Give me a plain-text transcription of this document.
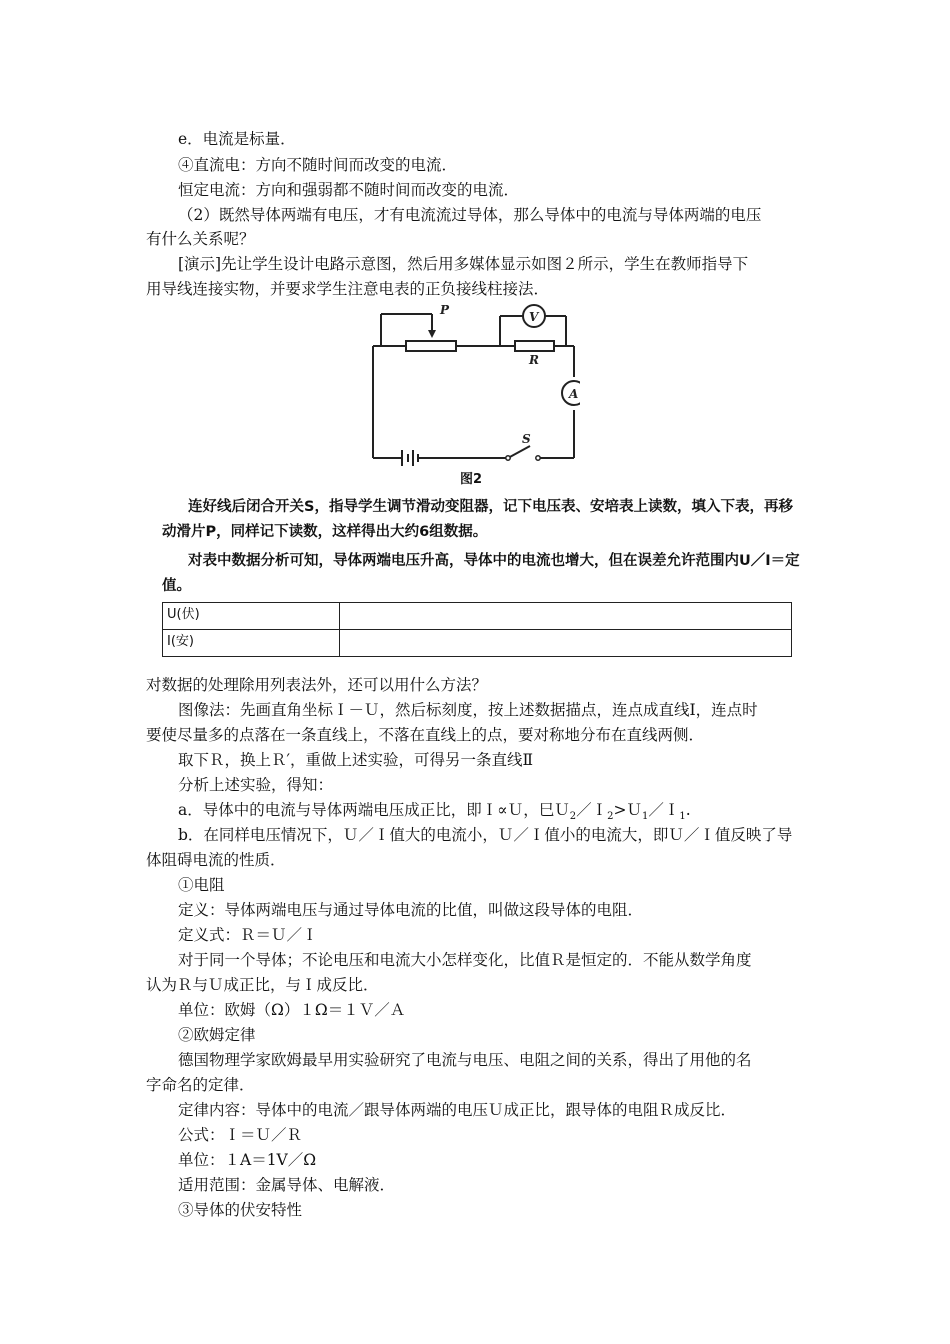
e．电流是标量．
④直流电：方向不随时间而改变的电流．
恒定电流：方向和强弱都不随时间而改变的电流．
（2）既然导体两端有电压，才有电流流过导体，那么导体中的电流与导体两端的电压
有什么关系呢？
[演示]先让学生设计电路示意图，然后用多媒体显示如图２所示，学生在教师指导下
用导线连接实物，并要求学生注意电表的正负接线柱接法．
P	V
R
A
S
图2
连好线后闭合开关S，指导学生调节滑动变阻器，记下电压表、安培表上读数，填入下表，再移
动滑片P，同样记下读数，这样得出大约6组数据。
对表中数据分析可知，导体两端电压升高，导体中的电流也增大，但在误差允许范围内U／I＝定
值。
U(伏)	
I(安)	
对数据的处理除用列表法外，还可以用什么方法？
图像法：先画直角坐标Ｉ－Ｕ，然后标刻度，按上述数据描点，连点成直线Ⅰ，连点时
要使尽量多的点落在一条直线上，不落在直线上的点，要对称地分布在直线两侧．
取下Ｒ，换上Ｒ′，重做上述实验，可得另一条直线Ⅱ
分析上述实验，得知：
a．导体中的电流与导体两端电压成正比，即Ｉ∝Ｕ，巳Ｕ$_2$／Ｉ$_2$>Ｕ$_1$／Ｉ$_1$.
b．在同样电压情况下，Ｕ／Ｉ值大的电流小，Ｕ／Ｉ值小的电流大，即Ｕ／Ｉ值反映了导
体阻碍电流的性质．
①电阻
定义：导体两端电压与通过导体电流的比值，叫做这段导体的电阻．
定义式：Ｒ＝Ｕ／Ｉ
对于同一个导体；不论电压和电流大小怎样变化，比值Ｒ是恒定的．不能从数学角度
认为Ｒ与Ｕ成正比，与Ｉ成反比．
单位：欧姆（Ω）１Ω＝１Ｖ／Ａ
②欧姆定律
德国物理学家欧姆最早用实验研究了电流与电压、电阻之间的关系，得出了用他的名
字命名的定律．
定律内容：导体中的电流／跟导体两端的电压Ｕ成正比，跟导体的电阻Ｒ成反比．
公式：Ｉ＝Ｕ／Ｒ
单位：１A＝1V／Ω
适用范围：金属导体、电解液．
③导体的伏安特性
